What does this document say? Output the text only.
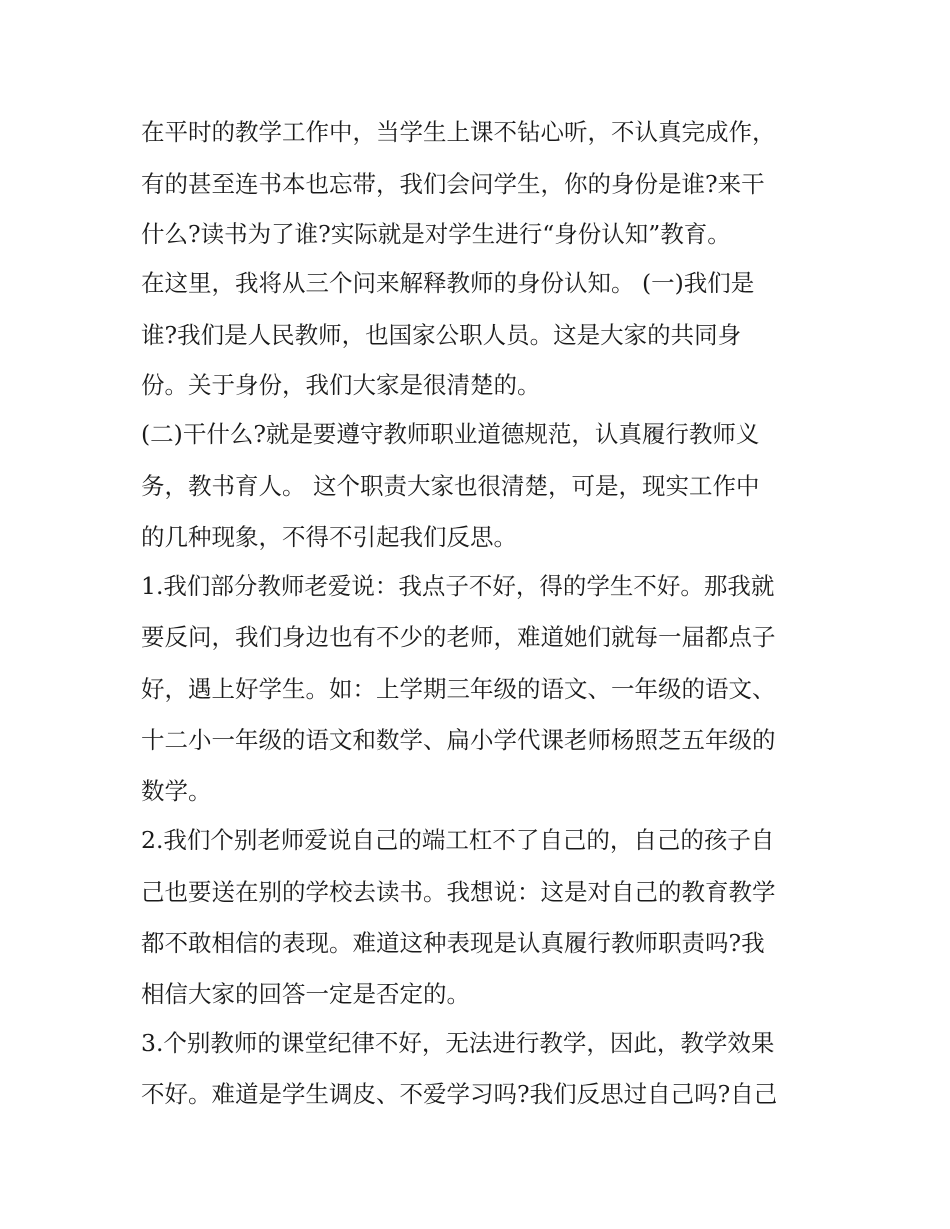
在平时的教学工作中，当学生上课不钻心听，不认真完成作，
有的甚至连书本也忘带，我们会问学生，你的身份是谁?来干
什么?读书为了谁?实际就是对学生进行“身份认知”教育。
在这里，我将从三个问来解释教师的身份认知。 (一)我们是
谁?我们是人民教师，也国家公职人员。这是大家的共同身
份。关于身份，我们大家是很清楚的。
(二)干什么?就是要遵守教师职业道德规范，认真履行教师义
务，教书育人。 这个职责大家也很清楚，可是，现实工作中
的几种现象，不得不引起我们反思。
1.我们部分教师老爱说：我点子不好，得的学生不好。那我就
要反问，我们身边也有不少的老师，难道她们就每一届都点子
好，遇上好学生。如：上学期三年级的语文、一年级的语文、
十二小一年级的语文和数学、扁小学代课老师杨照芝五年级的
数学。
2.我们个别老师爱说自己的端工杠不了自己的，自己的孩子自
己也要送在别的学校去读书。我想说：这是对自己的教育教学
都不敢相信的表现。难道这种表现是认真履行教师职责吗?我
相信大家的回答一定是否定的。
3.个别教师的课堂纪律不好，无法进行教学，因此，教学效果
不好。难道是学生调皮、不爱学习吗?我们反思过自己吗?自己
